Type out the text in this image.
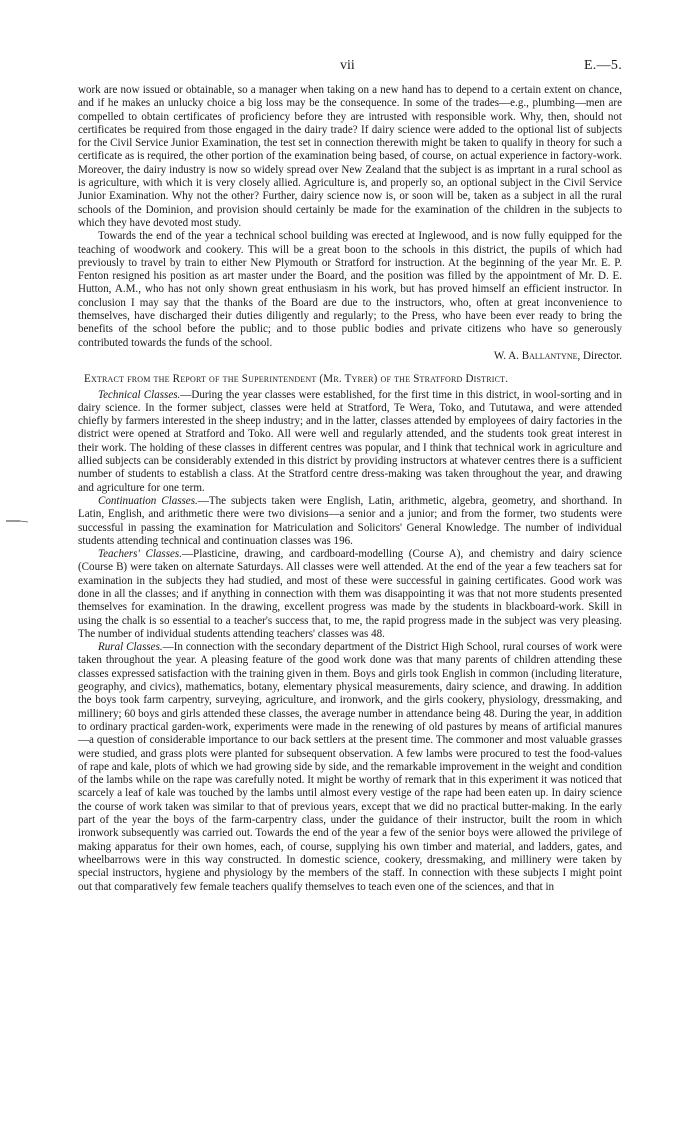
vii	E.—5.

work are now issued or obtainable, so a manager when taking on a new hand has to depend to a certain extent on chance, and if he makes an unlucky choice a big loss may be the consequence. In some of the trades—e.g., plumbing—men are compelled to obtain certificates of proficiency before they are intrusted with responsible work. Why, then, should not certificates be required from those engaged in the dairy trade? If dairy science were added to the optional list of subjects for the Civil Service Junior Examination, the test set in connection therewith might be taken to qualify in theory for such a certificate as is required, the other portion of the examination being based, of course, on actual experience in factory-work. Moreover, the dairy industry is now so widely spread over New Zealand that the subject is as imprtant in a rural school as is agriculture, with which it is very closely allied. Agriculture is, and properly so, an optional subject in the Civil Service Junior Examination. Why not the other? Further, dairy science now is, or soon will be, taken as a subject in all the rural schools of the Dominion, and provision should certainly be made for the examination of the children in the subjects to which they have devoted most study.

Towards the end of the year a technical school building was erected at Inglewood, and is now fully equipped for the teaching of woodwork and cookery. This will be a great boon to the schools in this district, the pupils of which had previously to travel by train to either New Plymouth or Stratford for instruction. At the beginning of the year Mr. E. P. Fenton resigned his position as art master under the Board, and the position was filled by the appointment of Mr. D. E. Hutton, A.M., who has not only shown great enthusiasm in his work, but has proved himself an efficient instructor. In conclusion I may say that the thanks of the Board are due to the instructors, who, often at great inconvenience to themselves, have discharged their duties diligently and regularly; to the Press, who have been ever ready to bring the benefits of the school before the public; and to those public bodies and private citizens who have so generously contributed towards the funds of the school.

W. A. Ballantyne, Director.
Extract from the Report of the Superintendent (Mr. Tyrer) of the Stratford District.

Technical Classes.—During the year classes were established, for the first time in this district, in wool-sorting and in dairy science. In the former subject, classes were held at Stratford, Te Wera, Toko, and Tututawa, and were attended chiefly by farmers interested in the sheep industry; and in the latter, classes attended by employees of dairy factories in the district were opened at Stratford and Toko. All were well and regularly attended, and the students took great interest in their work. The holding of these classes in different centres was popular, and I think that technical work in agriculture and allied subjects can be considerably extended in this district by providing instructors at whatever centres there is a sufficient number of students to establish a class. At the Stratford centre dress-making was taken throughout the year, and drawing and agriculture for one term.

Continuation Classes.—The subjects taken were English, Latin, arithmetic, algebra, geometry, and shorthand. In Latin, English, and arithmetic there were two divisions—a senior and a junior; and from the former, two students were successful in passing the examination for Matriculation and Solicitors' General Knowledge. The number of individual students attending technical and continuation classes was 196.

Teachers' Classes.—Plasticine, drawing, and cardboard-modelling (Course A), and chemistry and dairy science (Course B) were taken on alternate Saturdays. All classes were well attended. At the end of the year a few teachers sat for examination in the subjects they had studied, and most of these were successful in gaining certificates. Good work was done in all the classes; and if anything in connection with them was disappointing it was that not more students presented themselves for examination. In the drawing, excellent progress was made by the students in blackboard-work. Skill in using the chalk is so essential to a teacher's success that, to me, the rapid progress made in the subject was very pleasing. The number of individual students attending teachers' classes was 48.

Rural Classes.—In connection with the secondary department of the District High School, rural courses of work were taken throughout the year. A pleasing feature of the good work done was that many parents of children attending these classes expressed satisfaction with the training given in them. Boys and girls took English in common (including literature, geography, and civics), mathematics, botany, elementary physical measurements, dairy science, and drawing. In addition the boys took farm carpentry, surveying, agriculture, and ironwork, and the girls cookery, physiology, dressmaking, and millinery; 60 boys and girls attended these classes, the average number in attendance being 48. During the year, in addition to ordinary practical garden-work, experiments were made in the renewing of old pastures by means of artificial manures—a question of considerable importance to our back settlers at the present time. The commoner and most valuable grasses were studied, and grass plots were planted for subsequent observation. A few lambs were procured to test the food-values of rape and kale, plots of which we had growing side by side, and the remarkable improvement in the weight and condition of the lambs while on the rape was carefully noted. It might be worthy of remark that in this experiment it was noticed that scarcely a leaf of kale was touched by the lambs until almost every vestige of the rape had been eaten up. In dairy science the course of work taken was similar to that of previous years, except that we did no practical butter-making. In the early part of the year the boys of the farm-carpentry class, under the guidance of their instructor, built the room in which ironwork subsequently was carried out. Towards the end of the year a few of the senior boys were allowed the privilege of making apparatus for their own homes, each, of course, supplying his own timber and material, and ladders, gates, and wheelbarrows were in this way constructed. In domestic science, cookery, dressmaking, and millinery were taken by special instructors, hygiene and physiology by the members of the staff. In connection with these subjects I might point out that comparatively few female teachers qualify themselves to teach even one of the sciences, and that in
